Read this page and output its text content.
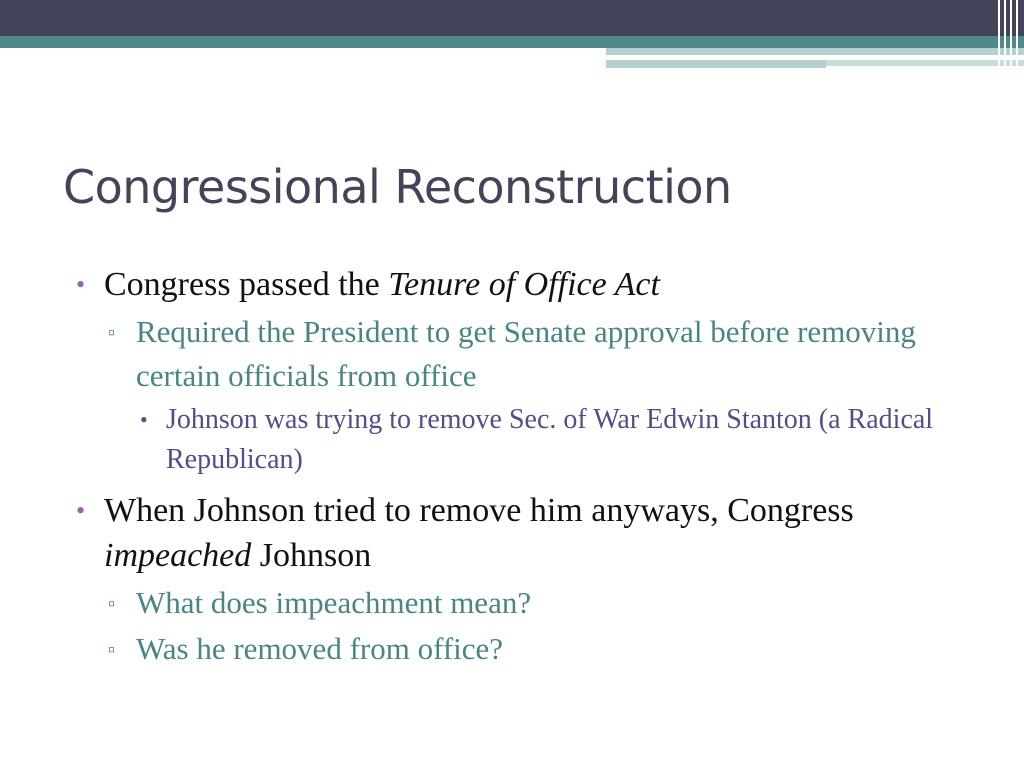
Congressional Reconstruction
• Congress passed the Tenure of Office Act
▫ Required the President to get Senate approval before removing certain officials from office
• Johnson was trying to remove Sec. of War Edwin Stanton (a Radical Republican)
• When Johnson tried to remove him anyways, Congress impeached Johnson
▫ What does impeachment mean?
▫ Was he removed from office?
